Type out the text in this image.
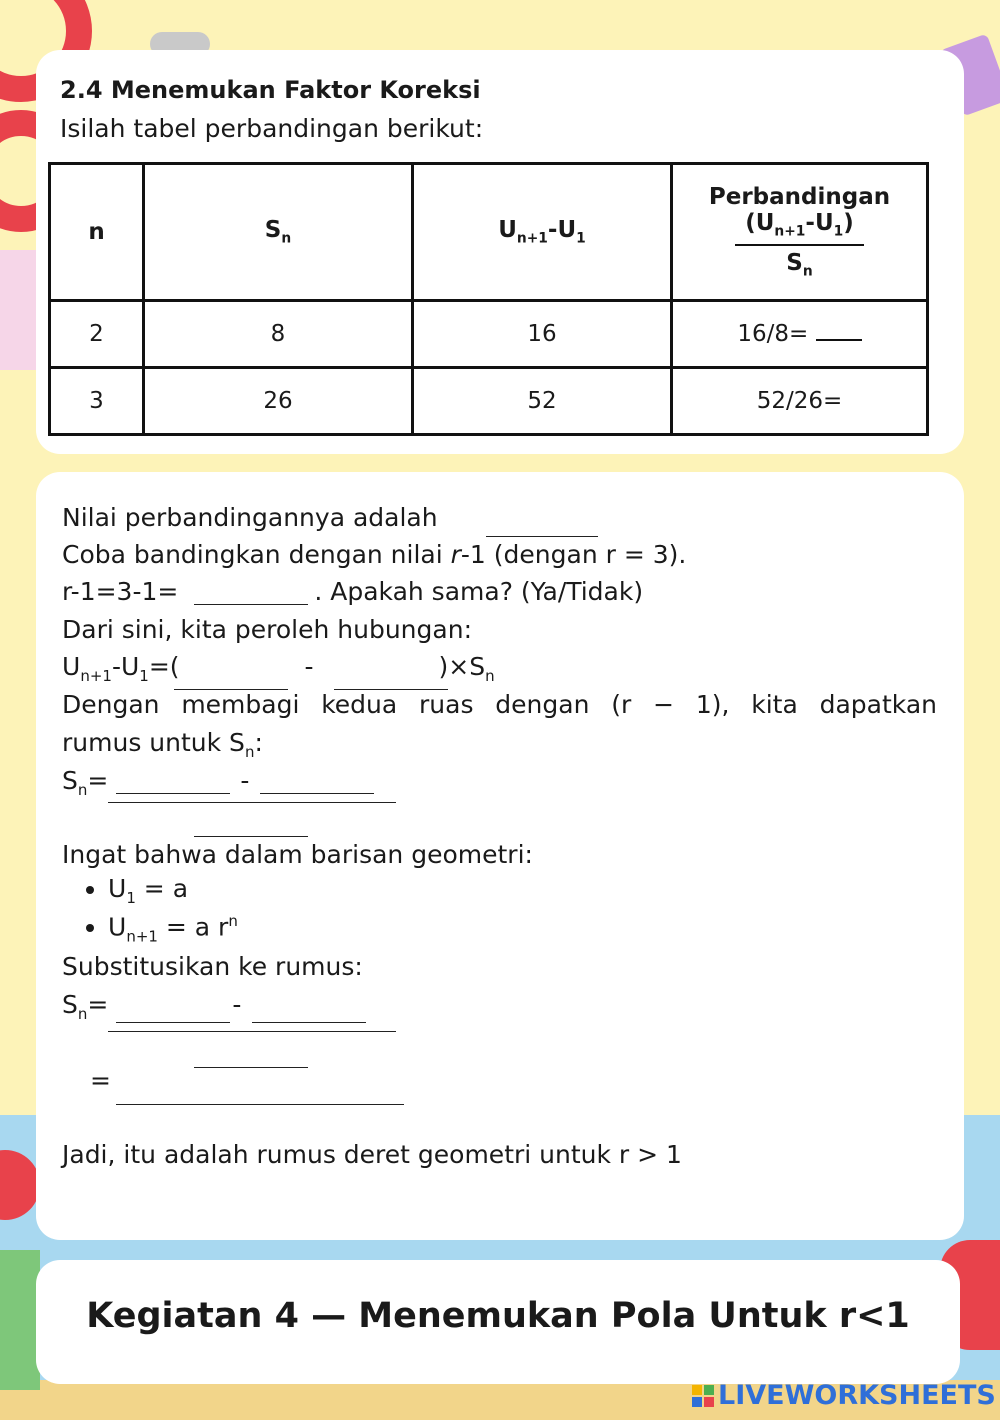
2.4 Menemukan Faktor Koreksi

Isilah tabel perbandingan berikut:

n	$S_n$	$U_{n+1}-U_1$	Perbandingan
$\frac{(U_{n+1}-U_1)}{S_n}$

2	8	16	16/8=
3	26	52	52/26=

Nilai perbandingannya adalah

Coba bandingkan dengan nilai r-1 (dengan r = 3).

r-1=3-1=	. Apakah sama? (Ya/Tidak)

Dari sini, kita peroleh hubungan:

$U_{n+1}-U_1=$(	-	)$\times S_n$

Dengan membagi kedua ruas dengan (r − 1), kita dapatkan

rumus untuk $S_n$:

$S_n=$	-

Ingat bahwa dalam barisan geometri:

• $U_1 = a$
• $U_{n+1} = a$ $r^n$

Substitusikan ke rumus:

$S_n=$	-

=

Jadi, itu adalah rumus deret geometri untuk r > 1

Kegiatan 4 — Menemukan Pola Untuk r<1
LIVEWORKSHEETS
